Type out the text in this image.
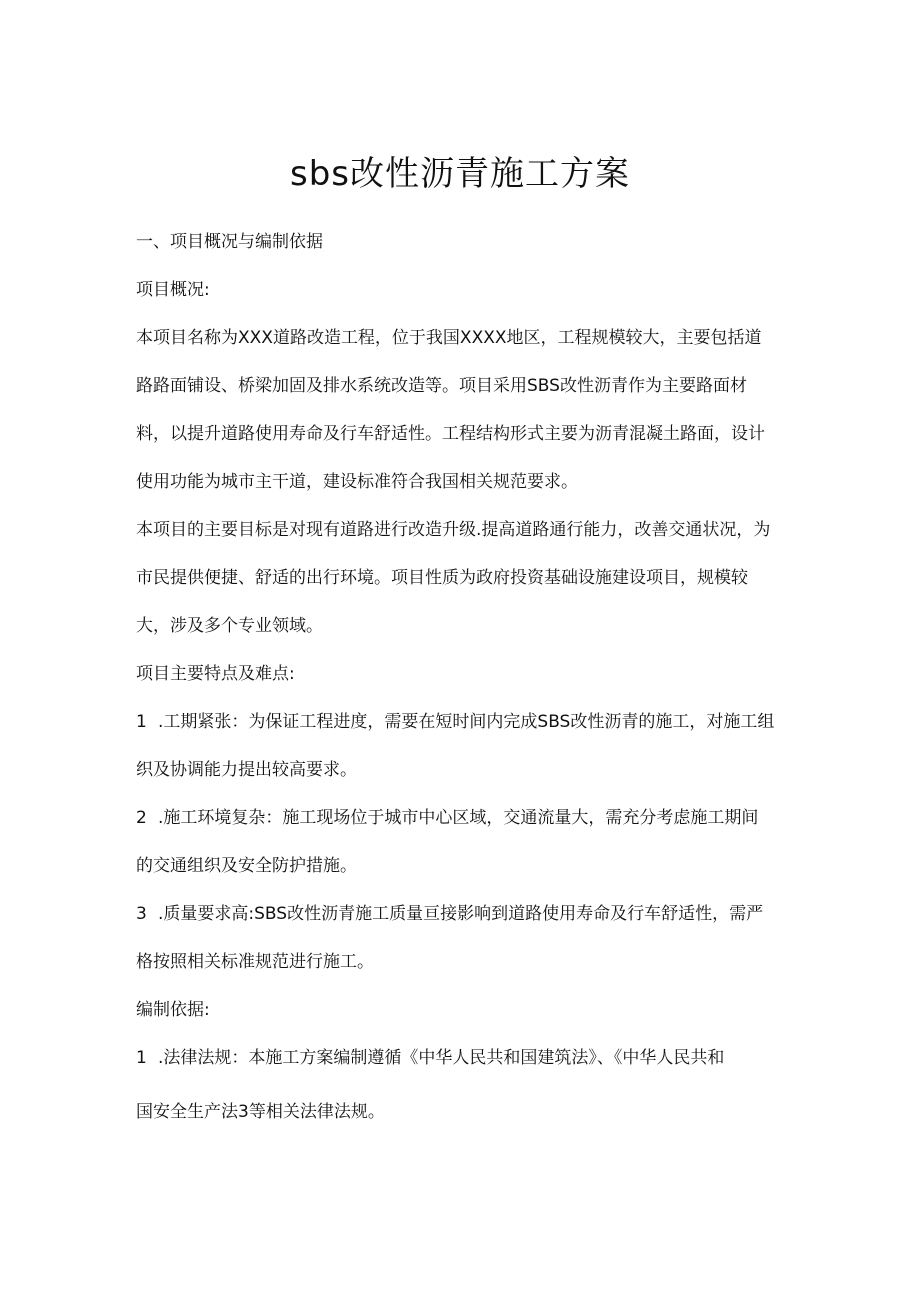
sbs改性沥青施工方案

一、项目概况与编制依据

项目概况:

本项目名称为XXX道路改造工程，位于我国XXXX地区，工程规模较大，主要包括道

路路面铺设、桥梁加固及排水系统改造等。项目采用SBS改性沥青作为主要路面材

料，以提升道路使用寿命及行车舒适性。工程结构形式主要为沥青混凝土路面，设计

使用功能为城市主干道，建设标准符合我国相关规范要求。

本项目的主要目标是对现有道路进行改造升级.提高道路通行能力，改善交通状况，为

市民提供便捷、舒适的出行环境。项目性质为政府投资基础设施建设项目，规模较

大，涉及多个专业领域。

项目主要特点及难点:

1 .工期紧张：为保证工程进度，需要在短时间内完成SBS改性沥青的施工，对施工组

织及协调能力提出较高要求。

2 .施工环境复杂：施工现场位于城市中心区域，交通流量大，需充分考虑施工期间

的交通组织及安全防护措施。

3 .质量要求高:SBS改性沥青施工质量亘接影响到道路使用寿命及行车舒适性，需严

格按照相关标准规范进行施工。

编制依据:

1 .法律法规：本施工方案编制遵循《中华人民共和国建筑法》、《中华人民共和

国安全生产法3等相关法律法规。
